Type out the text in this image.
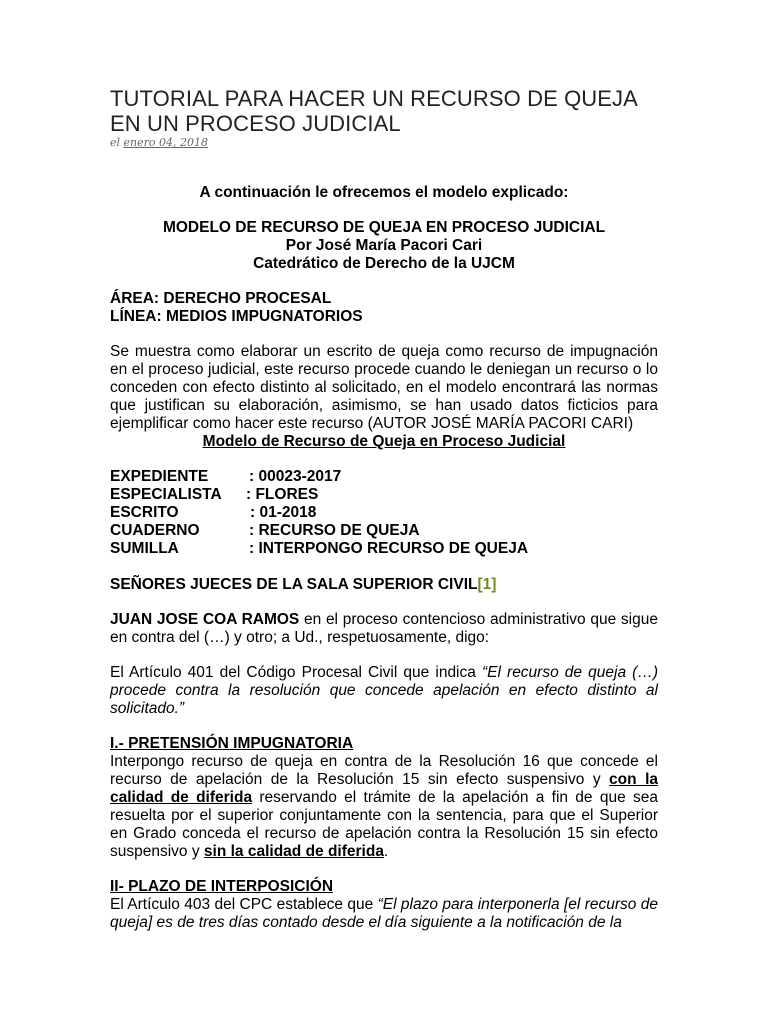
TUTORIAL PARA HACER UN RECURSO DE QUEJA EN UN PROCESO JUDICIAL
el enero 04, 2018

A continuación le ofrecemos el modelo explicado:

MODELO DE RECURSO DE QUEJA EN PROCESO JUDICIAL

Por José María Pacori Cari

Catedrático de Derecho de la UJCM

ÁREA: DERECHO PROCESAL

LÍNEA: MEDIOS IMPUGNATORIOS

Se muestra como elaborar un escrito de queja como recurso de impugnación en el proceso judicial, este recurso procede cuando le deniegan un recurso o lo conceden con efecto distinto al solicitado, en el modelo encontrará las normas que justifican su elaboración, asimismo, se han usado datos ficticios para ejemplificar como hacer este recurso (AUTOR JOSÉ MARÍA PACORI CARI)

Modelo de Recurso de Queja en Proceso Judicial

EXPEDIENTE	: 00023-2017
ESPECIALISTA	: FLORES
ESCRITO	: 01-2018
CUADERNO	: RECURSO DE QUEJA
SUMILLA	: INTERPONGO RECURSO DE QUEJA

SEÑORES JUECES DE LA SALA SUPERIOR CIVIL[1]

JUAN JOSE COA RAMOS en el proceso contencioso administrativo que sigue en contra del (…) y otro; a Ud., respetuosamente, digo:

El Artículo 401 del Código Procesal Civil que indica “El recurso de queja (…) procede contra la resolución que concede apelación en efecto distinto al solicitado.”

I.- PRETENSIÓN IMPUGNATORIA

Interpongo recurso de queja en contra de la Resolución 16 que concede el recurso de apelación de la Resolución 15 sin efecto suspensivo y con la calidad de diferida reservando el trámite de la apelación a fin de que sea resuelta por el superior conjuntamente con la sentencia, para que el Superior en Grado conceda el recurso de apelación contra la Resolución 15 sin efecto suspensivo y sin la calidad de diferida.

II- PLAZO DE INTERPOSICIÓN

El Artículo 403 del CPC establece que “El plazo para interponerla [el recurso de queja] es de tres días contado desde el día siguiente a la notificación de la
